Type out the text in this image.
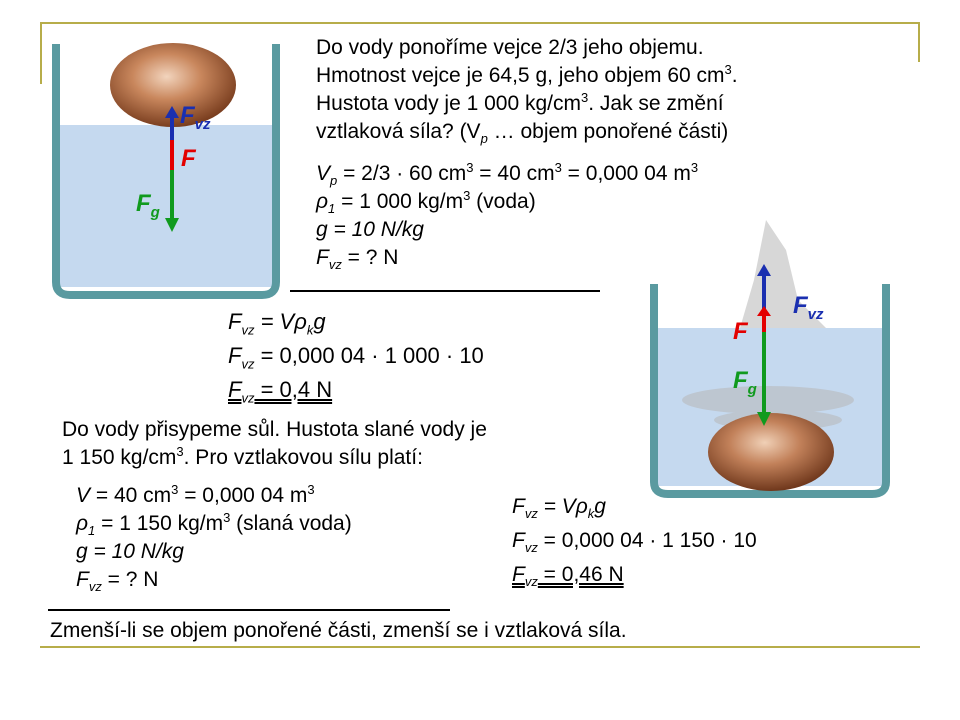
$F_{vz}$
F
$F_g$
$F_{vz}$
F
$F_g$
Do vody ponoříme vejce 2/3 jeho objemu.
Hmotnost vejce je 64,5 g, jeho objem 60 $cm^3$.
Hustota vody je 1 000 $kg/cm^3$. Jak se změní
vztlaková síla? ($V_p$ … objem ponořené části)
$V_p = 2/3 \cdot 60$ $cm^3 = 40$ $cm^3 = 0,000$ 04 $m^3$
$\rho_1 = 1$ 000 $kg/m^3$ (voda)
g = 10 N/kg
$F_{vz}$ = ? N
$F_{vz} = V\rho_kg$
$F_{vz} = 0,000$ 04 · 1 000 · 10
$F_{vz} = 0,4$ N
Do vody přisypeme sůl. Hustota slané vody je
1 150 $kg/cm^3$. Pro vztlakovou sílu platí:
V = 40 $cm^3 = 0,000$ 04 $m^3$
$\rho_1 = 1$ 150 $kg/m^3$ (slaná voda)
g = 10 N/kg
$F_{vz}$ = ? N
$F_{vz} = V\rho_kg$
$F_{vz} = 0,000$ 04 · 1 150 · 10
$F_{vz} = 0,46$ N
Zmenší-li se objem ponořené části, zmenší se i vztlaková síla.
